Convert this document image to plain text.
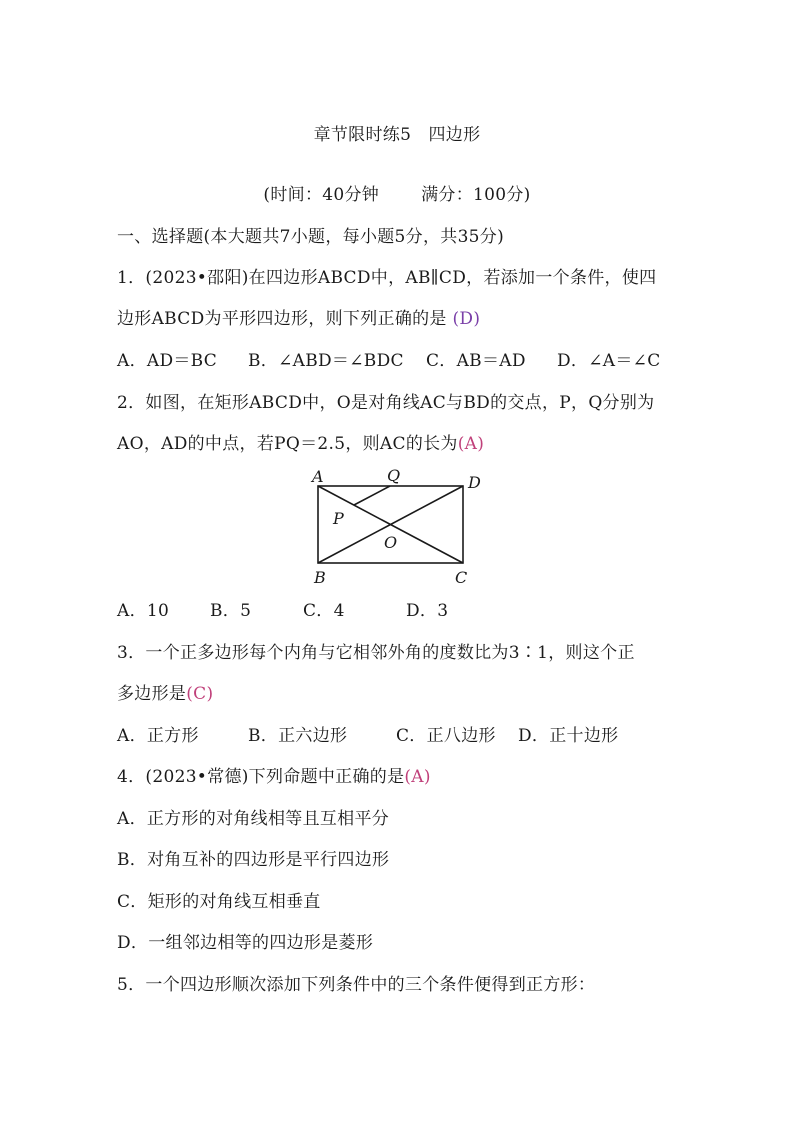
章节限时练5　四边形
(时间：40分钟 满分：100分)
一、选择题(本大题共7小题，每小题5分，共35分)
1．(2023•邵阳)在四边形ABCD中，AB∥CD，若添加一个条件，使四
边形ABCD为平形四边形，则下列正确的是 (D)
A．AD＝BC B．∠ABD＝∠BDC C．AB＝AD D．∠A＝∠C
2．如图，在矩形ABCD中，O是对角线AC与BD的交点，P，Q分别为
AO，AD的中点，若PQ＝2.5，则AC的长为(A)
A	Q	D
P
O
B	C
A．10 B．5	C．4	D．3
3．一个正多边形每个内角与它相邻外角的度数比为3∶1，则这个正
多边形是(C)
A．正方形	B．正六边形	C．正八边形 D．正十边形
4．(2023•常德)下列命题中正确的是(A)
A．正方形的对角线相等且互相平分
B．对角互补的四边形是平行四边形
C．矩形的对角线互相垂直
D．一组邻边相等的四边形是菱形
5．一个四边形顺次添加下列条件中的三个条件便得到正方形：
